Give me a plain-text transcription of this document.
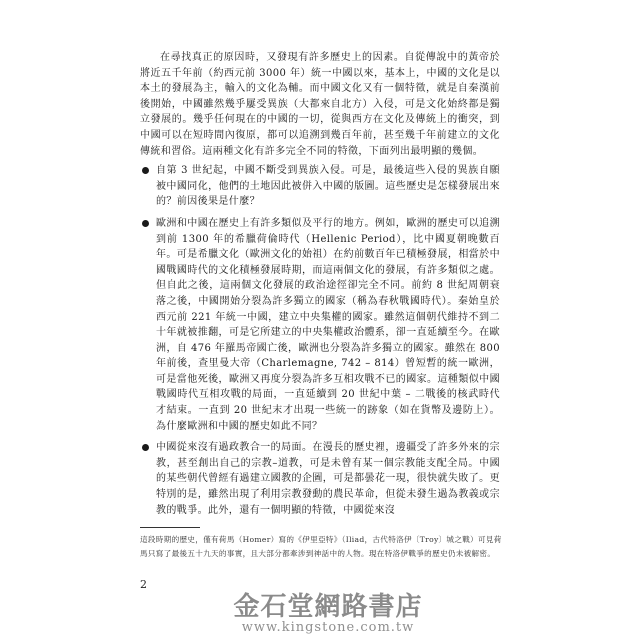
在尋找真正的原因時，又發現有許多歷史上的因素。自從傳說中的黃帝於將近五千年前（約西元前 3000 年）統一中國以來，基本上，中國的文化是以本土的發展為主，輸入的文化為輔。而中國文化又有一個特徵，就是自秦漢前後開始，中國雖然幾乎屢受異族（大都來自北方）入侵，可是文化始終都是獨立發展的。幾乎任何現在的中國的一切，從與西方在文化及傳統上的衝突，到中國可以在短時間內復原，都可以追溯到幾百年前，甚至幾千年前建立的文化傳統和習俗。這兩種文化有許多完全不同的特徵，下面列出最明顯的幾個。

自第 3 世紀起，中國不斷受到異族入侵。可是，最後這些入侵的異族自願被中國同化，他們的土地因此被併入中國的版圖。這些歷史是怎樣發展出來的？前因後果是什麼？
歐洲和中國在歷史上有許多類似及平行的地方。例如，歐洲的歷史可以追溯到前 1300 年的希臘荷倫時代（Hellenic Period），比中國夏朝晚數百年。可是希臘文化（歐洲文化的始祖）在約前數百年已積極發展，相當於中國戰國時代的文化積極發展時期，而這兩個文化的發展，有許多類似之處。但自此之後，這兩個文化發展的政治途徑卻完全不同。前約 8 世紀周朝衰落之後，中國開始分裂為許多獨立的國家（稱為春秋戰國時代）。秦始皇於西元前 221 年統一中國，建立中央集權的國家。雖然這個朝代維持不到二十年就被推翻，可是它所建立的中央集權政治體系，卻一直延續至今。在歐洲，自 476 年羅馬帝國亡後，歐洲也分裂為許多獨立的國家。雖然在 800 年前後，查里曼大帝（Charlemagne, 742 – 814）曾短暫的統一歐洲，可是當他死後，歐洲又再度分裂為許多互相攻戰不已的國家。這種類似中國戰國時代互相攻戰的局面，一直延續到 20 世紀中葉 – 二戰後的核武時代才結束。一直到 20 世紀末才出現一些統一的跡象（如在貨幣及邊防上）。為什麼歐洲和中國的歷史如此不同？
中國從來沒有過政教合一的局面。在漫長的歷史裡，邊疆受了許多外來的宗教，甚至創出自己的宗教–道教，可是未曾有某一個宗教能支配全局。中國的某些朝代曾經有過建立國教的企圖，可是都曇花一現，很快就失敗了。更特別的是，雖然出現了利用宗教發動的農民革命，但從未發生過為教義或宗教的戰爭。此外，還有一個明顯的特徵，中國從來沒
這段時期的歷史，僅有荷馬（Homer）寫的《伊里亞特》（Iliad，古代特洛伊〔Troy〕城之戰）可見荷馬只寫了最後五十九天的事實，且大部分都牽涉到神話中的人物。現在特洛伊戰爭的歷史仍未被解密。
2
金石堂網路書店
www.kingstone.com.tw
